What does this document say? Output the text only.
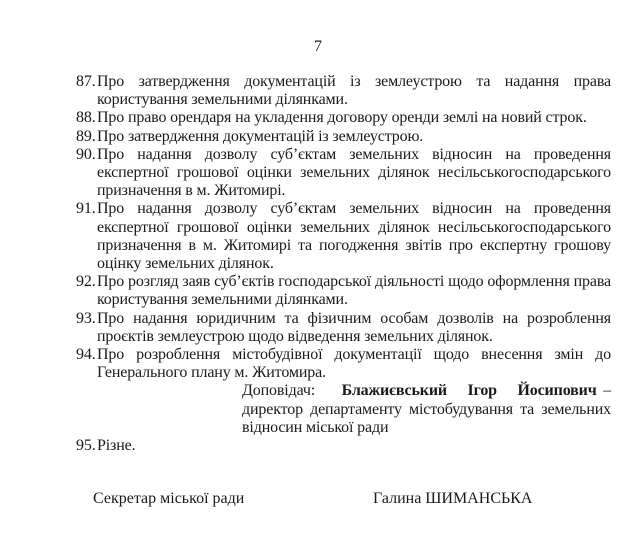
7
87. Про затвердження документацій із землеустрою та надання права користування земельними ділянками.
88. Про право орендаря на укладення договору оренди землі на новий строк.
89. Про затвердження документацій із землеустрою.
90. Про надання дозволу суб’єктам земельних відносин на проведення експертної грошової оцінки земельних ділянок несільськогосподарського призначення в м. Житомирі.
91. Про надання дозволу суб’єктам земельних відносин на проведення експертної грошової оцінки земельних ділянок несільськогосподарського призначення в м. Житомирі та погодження звітів про експертну грошову оцінку земельних ділянок.
92. Про розгляд заяв суб’єктів господарської діяльності щодо оформлення права користування земельними ділянками.
93. Про надання юридичним та фізичним особам дозволів на розроблення проєктів землеустрою щодо відведення земельних ділянок.
94. Про розроблення містобудівної документації щодо внесення змін до Генерального плану м. Житомира.
Доповідач: Блажиєвський Ігор Йосипович – директор департаменту містобудування та земельних відносин міської ради
95. Різне.
Секретар міської ради	Галина ШИМАНСЬКА
